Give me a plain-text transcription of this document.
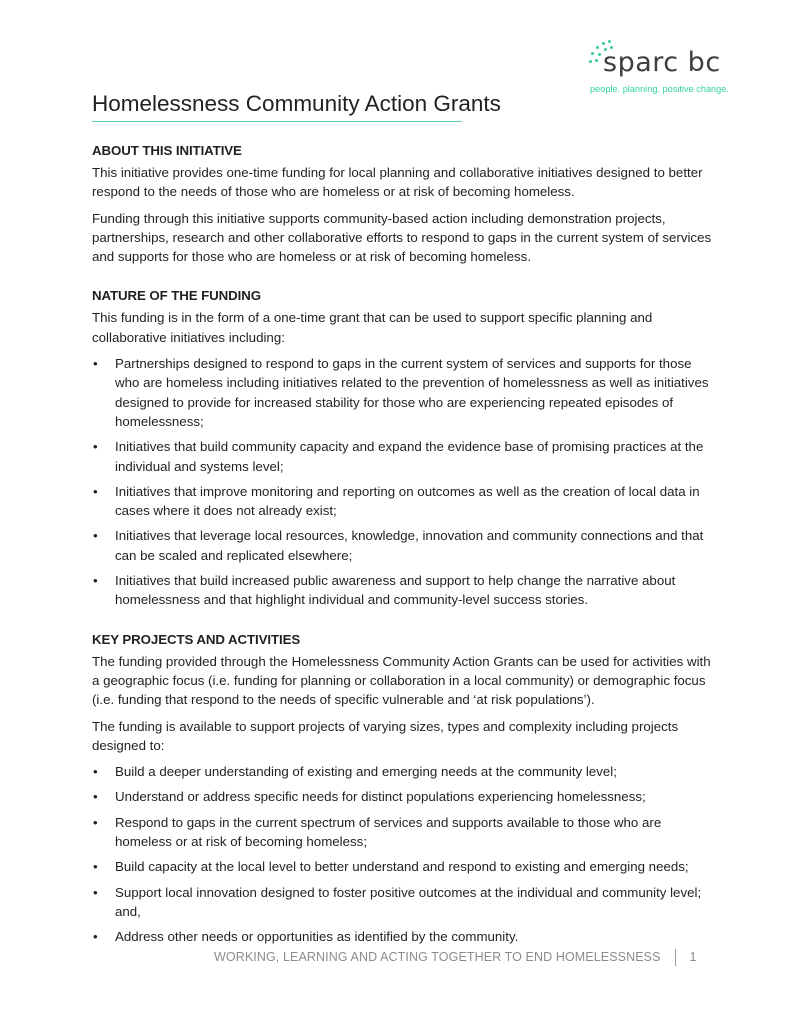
sparc bc
people. planning. positive change.
Homelessness Community Action Grants
ABOUT THIS INITIATIVE

This initiative provides one-time funding for local planning and collaborative initiatives designed to better respond to the needs of those who are homeless or at risk of becoming homeless.

Funding through this initiative supports community-based action including demonstration projects, partnerships, research and other collaborative efforts to respond to gaps in the current system of services and supports for those who are homeless or at risk of becoming homeless.

NATURE OF THE FUNDING

This funding is in the form of a one-time grant that can be used to support specific planning and collaborative initiatives including:

• Partnerships designed to respond to gaps in the current system of services and supports for those who are homeless including initiatives related to the prevention of homelessness as well as initiatives designed to provide for increased stability for those who are experiencing repeated episodes of homelessness;
• Initiatives that build community capacity and expand the evidence base of promising practices at the individual and systems level;
• Initiatives that improve monitoring and reporting on outcomes as well as the creation of local data in cases where it does not already exist;
• Initiatives that leverage local resources, knowledge, innovation and community connections and that can be scaled and replicated elsewhere;
• Initiatives that build increased public awareness and support to help change the narrative about homelessness and that highlight individual and community-level success stories.
KEY PROJECTS AND ACTIVITIES

The funding provided through the Homelessness Community Action Grants can be used for activities with a geographic focus (i.e. funding for planning or collaboration in a local community) or demographic focus (i.e. funding that respond to the needs of specific vulnerable and ‘at risk populations’).

The funding is available to support projects of varying sizes, types and complexity including projects designed to:

• Build a deeper understanding of existing and emerging needs at the community level;
• Understand or address specific needs for distinct populations experiencing homelessness;
• Respond to gaps in the current spectrum of services and supports available to those who are homeless or at risk of becoming homeless;
• Build capacity at the local level to better understand and respond to existing and emerging needs;
• Support local innovation designed to foster positive outcomes at the individual and community level; and,
• Address other needs or opportunities as identified by the community.
WORKING, LEARNING AND ACTING TOGETHER TO END HOMELESSNESS 1
